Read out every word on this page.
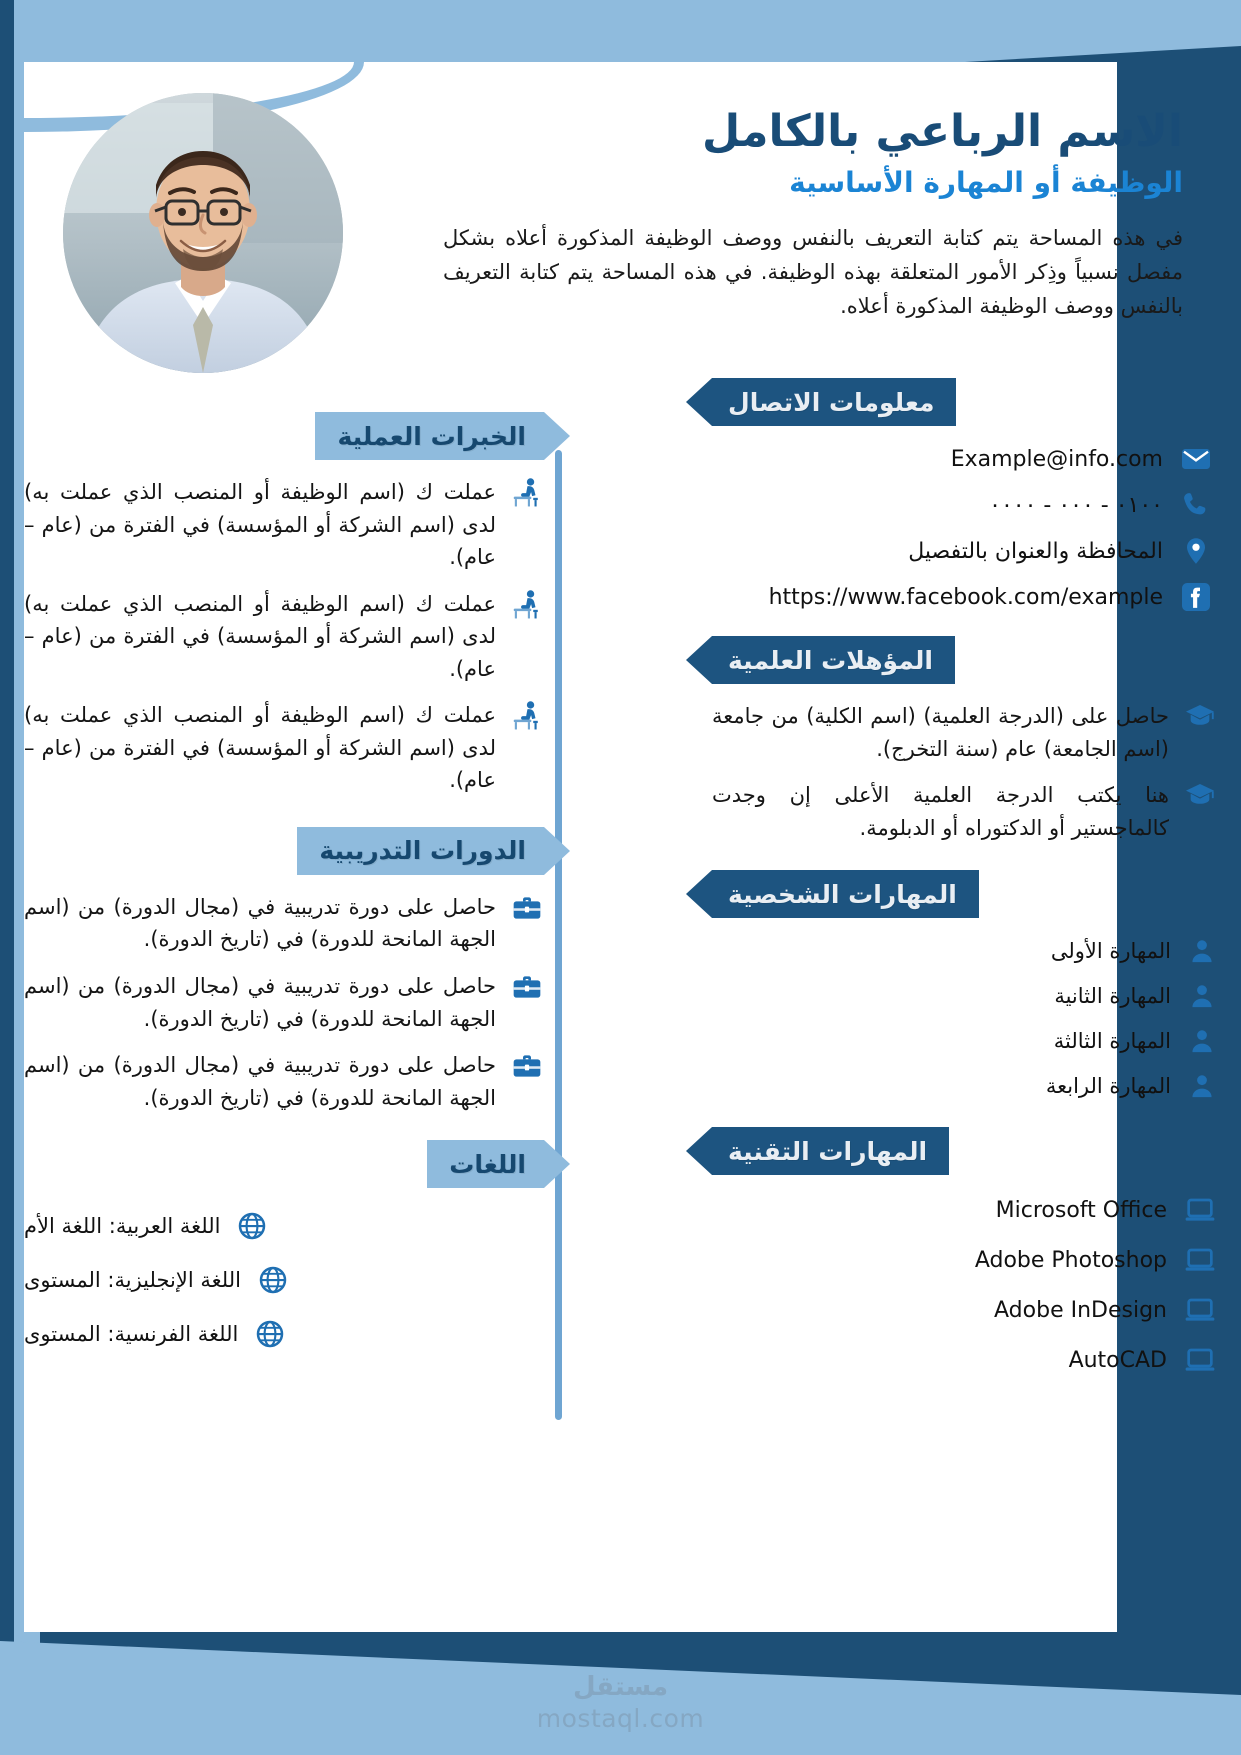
الاسم الرباعي بالكامل
الوظيفة أو المهارة الأساسية
في هذه المساحة يتم كتابة التعريف بالنفس ووصف الوظيفة المذكورة أعلاه بشكل مفصل نسبياً وذِكر الأمور المتعلقة بهذه الوظيفة. في هذه المساحة يتم كتابة التعريف بالنفس ووصف الوظيفة المذكورة أعلاه.
معلومات الاتصال
Example@info.com
٠١٠٠ - ٠٠٠ - ٠٠٠٠
المحافظة والعنوان بالتفصيل
https://www.facebook.com/example
المؤهلات العلمية
حاصل على (الدرجة العلمية) (اسم الكلية) من جامعة (اسم الجامعة) عام (سنة التخرج).
هنا يكتب الدرجة العلمية الأعلى إن وجدت كالماجستير أو الدكتوراه أو الدبلومة.
المهارات الشخصية
المهارة الأولى
المهارة الثانية
المهارة الثالثة
المهارة الرابعة
المهارات التقنية
Microsoft Office
Adobe Photoshop
Adobe InDesign
AutoCAD
الخبرات العملية
عملت ك (اسم الوظيفة أو المنصب الذي عملت به) لدى (اسم الشركة أو المؤسسة) في الفترة من (عام – عام).
عملت ك (اسم الوظيفة أو المنصب الذي عملت به) لدى (اسم الشركة أو المؤسسة) في الفترة من (عام – عام).
عملت ك (اسم الوظيفة أو المنصب الذي عملت به) لدى (اسم الشركة أو المؤسسة) في الفترة من (عام – عام).
الدورات التدريبية
حاصل على دورة تدريبية في (مجال الدورة) من (اسم الجهة المانحة للدورة) في (تاريخ الدورة).
حاصل على دورة تدريبية في (مجال الدورة) من (اسم الجهة المانحة للدورة) في (تاريخ الدورة).
حاصل على دورة تدريبية في (مجال الدورة) من (اسم الجهة المانحة للدورة) في (تاريخ الدورة).
اللغات
اللغة العربية: اللغة الأم
اللغة الإنجليزية: المستوى
اللغة الفرنسية: المستوى
مستقل
mostaql.com
